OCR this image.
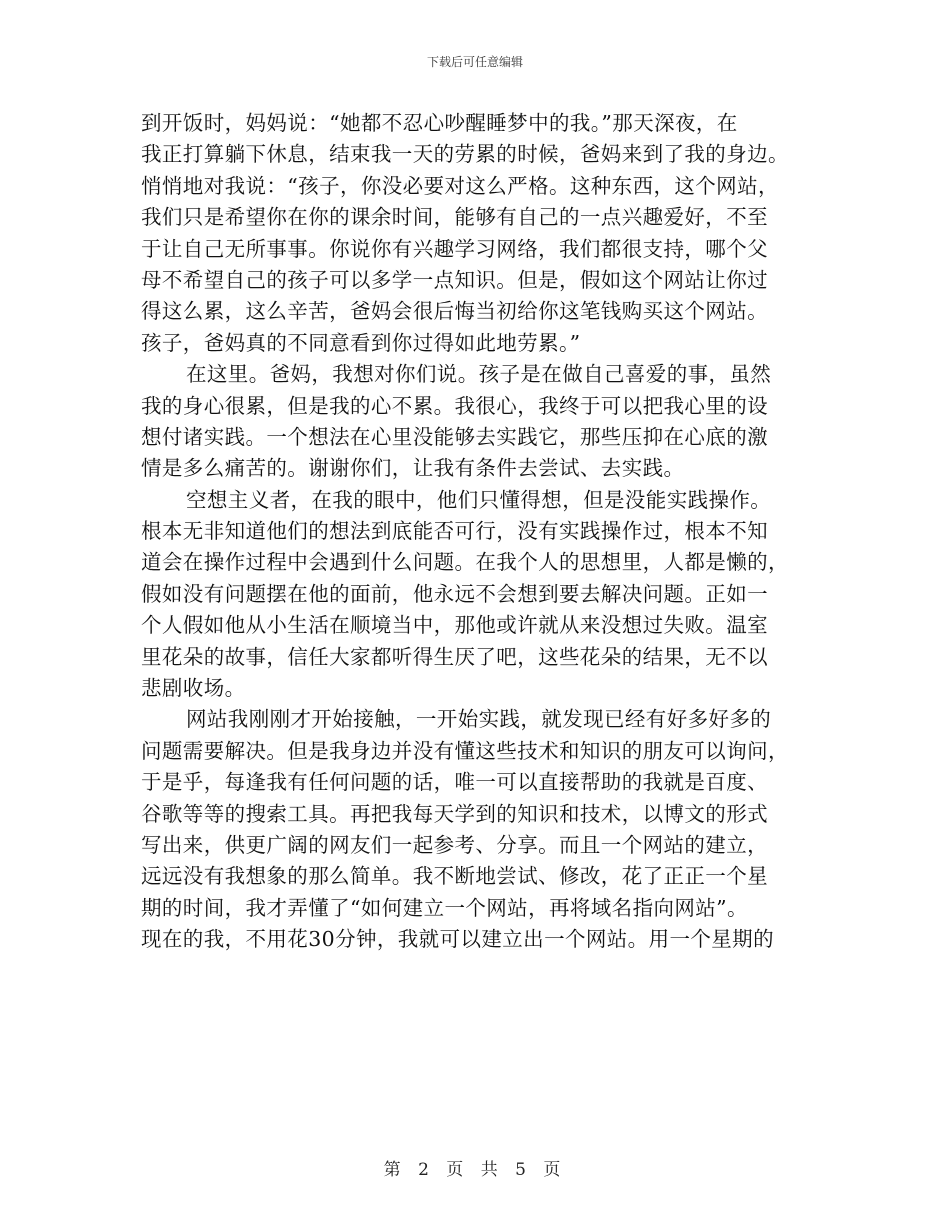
下载后可任意编辑
到开饭时，妈妈说：“她都不忍心吵醒睡梦中的我。”那天深夜，在
我正打算躺下休息，结束我一天的劳累的时候，爸妈来到了我的身边。
悄悄地对我说：“孩子，你没必要对这么严格。这种东西，这个网站，
我们只是希望你在你的课余时间，能够有自己的一点兴趣爱好，不至
于让自己无所事事。你说你有兴趣学习网络，我们都很支持，哪个父
母不希望自己的孩子可以多学一点知识。但是，假如这个网站让你过
得这么累，这么辛苦，爸妈会很后悔当初给你这笔钱购买这个网站。
孩子，爸妈真的不同意看到你过得如此地劳累。”
在这里。爸妈，我想对你们说。孩子是在做自己喜爱的事，虽然
我的身心很累，但是我的心不累。我很心，我终于可以把我心里的设
想付诸实践。一个想法在心里没能够去实践它，那些压抑在心底的激
情是多么痛苦的。谢谢你们，让我有条件去尝试、去实践。
空想主义者，在我的眼中，他们只懂得想，但是没能实践操作。
根本无非知道他们的想法到底能否可行，没有实践操作过，根本不知
道会在操作过程中会遇到什么问题。在我个人的思想里，人都是懒的，
假如没有问题摆在他的面前，他永远不会想到要去解决问题。正如一
个人假如他从小生活在顺境当中，那他或许就从来没想过失败。温室
里花朵的故事，信任大家都听得生厌了吧，这些花朵的结果，无不以
悲剧收场。
网站我刚刚才开始接触，一开始实践，就发现已经有好多好多的
问题需要解决。但是我身边并没有懂这些技术和知识的朋友可以询问，
于是乎，每逢我有任何问题的话，唯一可以直接帮助的我就是百度、
谷歌等等的搜索工具。再把我每天学到的知识和技术，以博文的形式
写出来，供更广阔的网友们一起参考、分享。而且一个网站的建立，
远远没有我想象的那么简单。我不断地尝试、修改，花了正正一个星
期的时间，我才弄懂了“如何建立一个网站，再将域名指向网站”。
现在的我，不用花30分钟，我就可以建立出一个网站。用一个星期的
第 2 页 共 5 页
